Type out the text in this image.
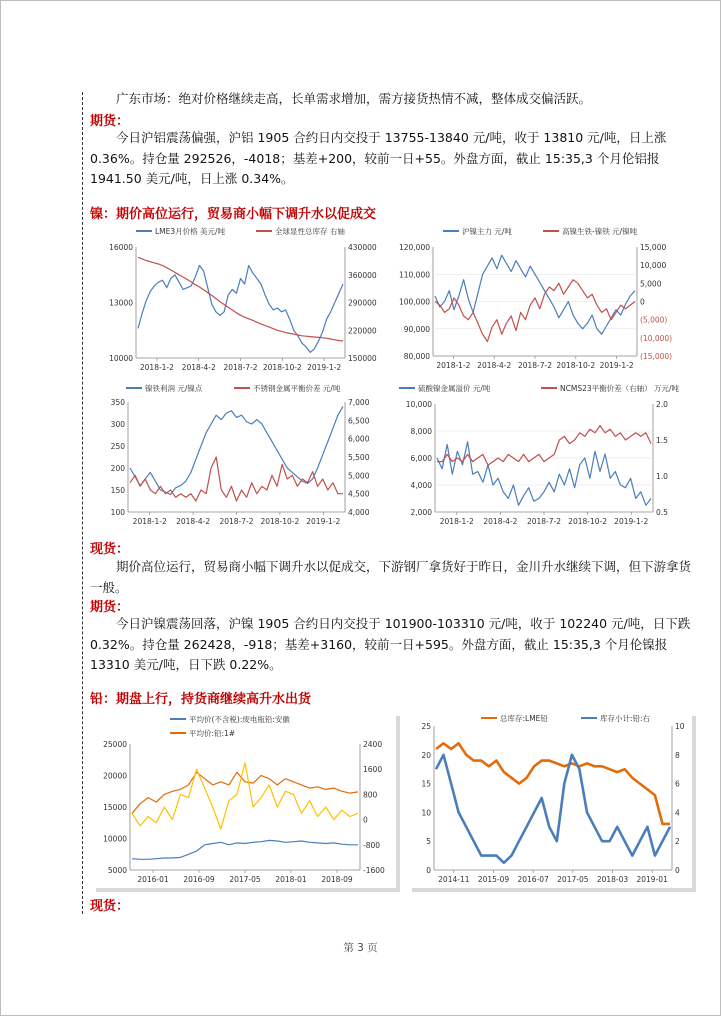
广东市场：绝对价格继续走高，长单需求增加，需方接货热情不减，整体成交偏活跃。

期货：

今日沪铝震荡偏强，沪铝 1905 合约日内交投于 13755-13840 元/吨，收于 13810 元/吨，日上涨 0.36%。持仓量 292526，-4018；基差+200，较前一日+55。外盘方面，截止 15:35,3 个月伦铝报 1941.50 美元/吨，日上涨 0.34%。

镍：期价高位运行，贸易商小幅下调升水以促成交

16000
13000
10000
430000
360000
290000
220000
150000
2018-1-2 2018-4-2 2018-7-2 2018-10-2 2019-1-2
LME3月价格 美元/吨	全球显性总库存 右轴
120,000
110,000
100,000
90,000
80,000
15,000
10,000
5,000
0
(5,000)
(10,000)
(15,000)
2018-1-2 2018-4-2 2018-7-2 2018-10-2 2019-1-2
沪镍主力 元/吨	高镍生铁-镍铁 元/镍吨
350
300
250
200
150
100
7,000
6,500
6,000
5,500
5,000
4,500
4,000
2018-1-2 2018-4-2 2018-7-2 2018-10-2 2019-1-2
镍铁利润 元/镍点	不锈钢金属平衡价差 元/吨
10,000
8,000
6,000
4,000
2,000
2.0
1.5
1.0
0.5
2018-1-2 2018-4-2 2018-7-2 2018-10-2 2019-1-2
硫酸镍金属溢价 元/吨	NCMS23平衡价差（右轴） 万元/吨

现货：

期价高位运行，贸易商小幅下调升水以促成交，下游钢厂拿货好于昨日，金川升水继续下调，但下游拿货一般。

期货：

今日沪镍震荡回落，沪镍 1905 合约日内交投于 101900-103310 元/吨，收于 102240 元/吨，日下跌 0.32%。持仓量 262428，-918；基差+3160，较前一日+595。外盘方面，截止 15:35,3 个月伦镍报 13310 美元/吨，日下跌 0.22%。

铅：期盘上行，持货商继续高升水出货

25000
20000
15000
10000
5000
2400
1600
800
0
-800
-1600
2016-01 2016-09 2017-05 2018-01 2018-09
平均价(不含税):废电瓶铅:安徽
平均价:铅:1#
25
20
15
10
5
0
10
8
6
4
2
0
2014-11 2015-09 2016-07 2017-05 2018-03 2019-01
总库存:LME铅	库存小计:铅:右

现货：

第 3 页
